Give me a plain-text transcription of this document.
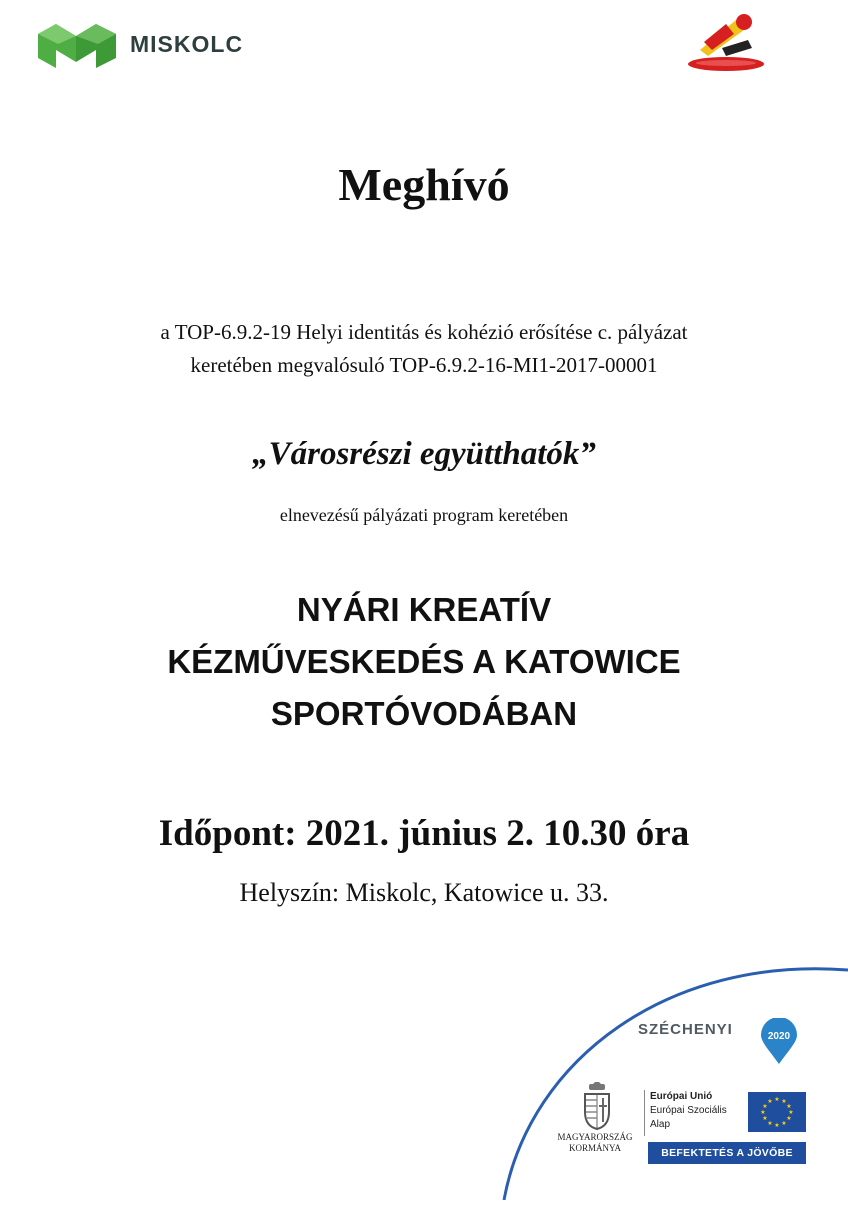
MISKOLC
Meghívó
a TOP-6.9.2-19 Helyi identitás és kohézió erősítése c. pályázat
keretében megvalósuló TOP-6.9.2-16-MI1-2017-00001
„Városrészi együtthatók”
elnevezésű pályázati program keretében
NYÁRI KREATÍV
KÉZMŰVESKEDÉS A KATOWICE
SPORTÓVODÁBAN
Időpont: 2021. június 2. 10.30 óra
Helyszín: Miskolc, Katowice u. 33.
SZÉCHENYI	2020
MAGYARORSZÁG
KORMÁNYA
Európai Unió
Európai Szociális
Alap
★ ★
★
★
★
★
★
★
★
★
★
★
BEFEKTETÉS A JÖVŐBE
